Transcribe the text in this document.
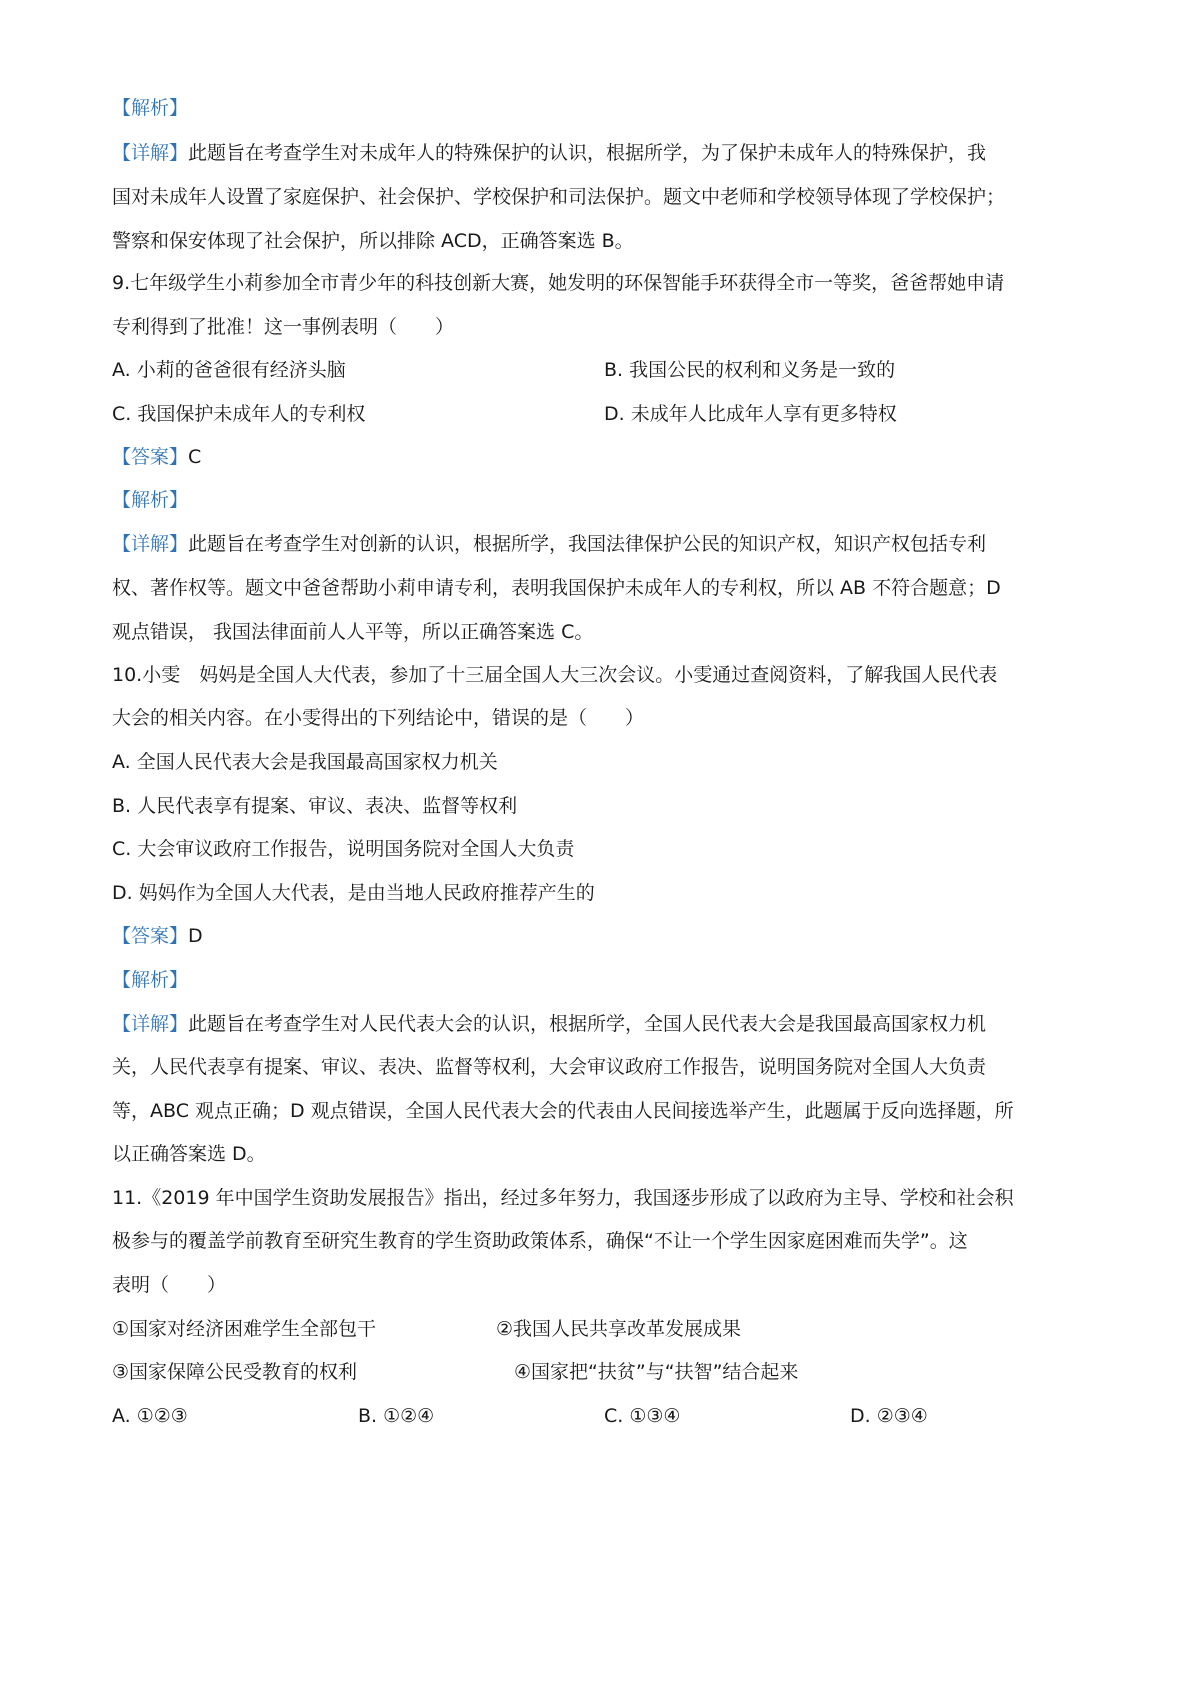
【解析】
【详解】此题旨在考查学生对未成年人的特殊保护的认识，根据所学，为了保护未成年人的特殊保护，我
国对未成年人设置了家庭保护、社会保护、学校保护和司法保护。题文中老师和学校领导体现了学校保护；
警察和保安体现了社会保护，所以排除 ACD，正确答案选 B。
9.七年级学生小莉参加全市青少年的科技创新大赛，她发明的环保智能手环获得全市一等奖，爸爸帮她申请
专利得到了批准！这一事例表明（　　）
A. 小莉的爸爸很有经济头脑	B. 我国公民的权利和义务是一致的
C. 我国保护未成年人的专利权	D. 未成年人比成年人享有更多特权
【答案】C
【解析】
【详解】此题旨在考查学生对创新的认识，根据所学，我国法律保护公民的知识产权，知识产权包括专利
权、著作权等。题文中爸爸帮助小莉申请专利，表明我国保护未成年人的专利权，所以 AB 不符合题意；D
观点错误， 我国法律面前人人平等，所以正确答案选 C。
10.小雯　妈妈是全国人大代表，参加了十三届全国人大三次会议。小雯通过查阅资料，了解我国人民代表
大会的相关内容。在小雯得出的下列结论中，错误的是（　　）
A. 全国人民代表大会是我国最高国家权力机关
B. 人民代表享有提案、审议、表决、监督等权利
C. 大会审议政府工作报告，说明国务院对全国人大负责
D. 妈妈作为全国人大代表，是由当地人民政府推荐产生的
【答案】D
【解析】
【详解】此题旨在考查学生对人民代表大会的认识，根据所学，全国人民代表大会是我国最高国家权力机
关，人民代表享有提案、审议、表决、监督等权利，大会审议政府工作报告，说明国务院对全国人大负责
等，ABC 观点正确；D 观点错误，全国人民代表大会的代表由人民间接选举产生，此题属于反向选择题，所
以正确答案选 D。
11.《2019 年中国学生资助发展报告》指出，经过多年努力，我国逐步形成了以政府为主导、学校和社会积
极参与的覆盖学前教育至研究生教育的学生资助政策体系，确保“不让一个学生因家庭困难而失学”。这
表明（　　）
①国家对经济困难学生全部包干	②我国人民共享改革发展成果
③国家保障公民受教育的权利	④国家把“扶贫”与“扶智”结合起来
A. ①②③	B. ①②④	C. ①③④	D. ②③④
